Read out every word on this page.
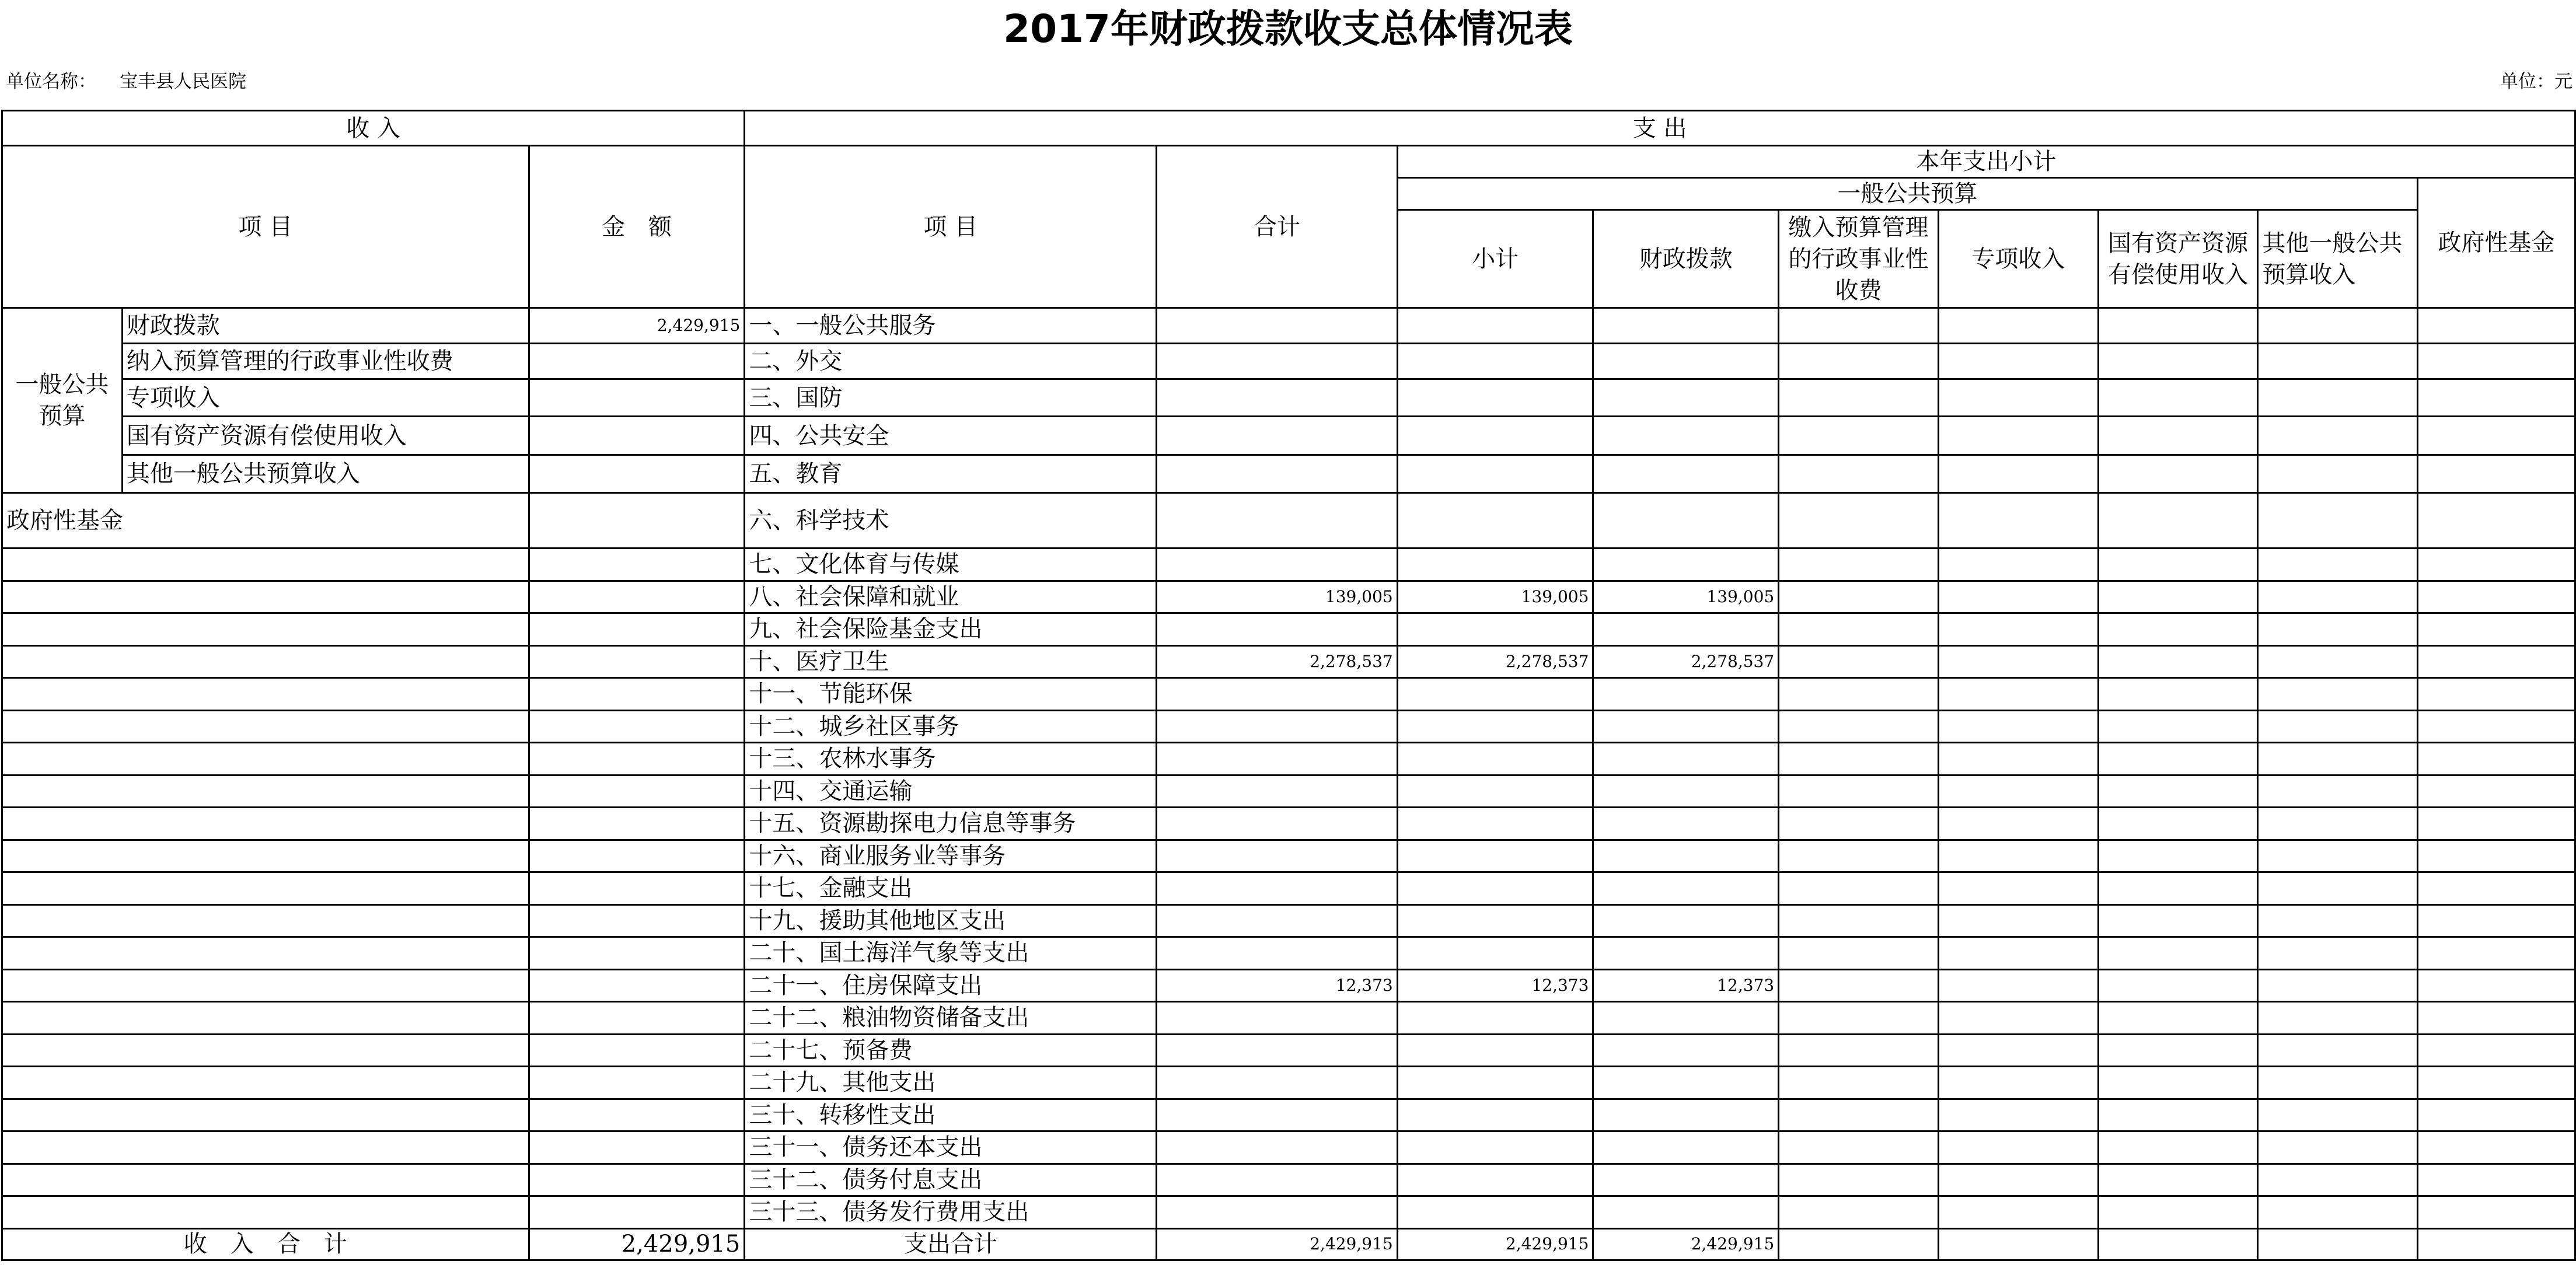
2017年财政拨款收支总体情况表
单位名称： 宝丰县人民医院	单位：元
收 入			支 出								
项 目		金　额	项 目	合计	本年支出小计						
					一般公共预算						政府性基金
					小计	财政拨款	缴入预算管理的行政事业性收费	专项收入	国有资产资源有偿使用收入	其他一般公共预算收入	
一般公共预算	财政拨款	2,429,915	一、一般公共服务								
	纳入预算管理的行政事业性收费		二、外交								
	专项收入		三、国防								
	国有资产资源有偿使用收入		四、公共安全								
	其他一般公共预算收入		五、教育								
政府性基金			六、科学技术								
			七、文化体育与传媒								
			八、社会保障和就业	139,005	139,005	139,005					
			九、社会保险基金支出								
			十、医疗卫生	2,278,537	2,278,537	2,278,537					
			十一、节能环保								
			十二、城乡社区事务								
			十三、农林水事务								
			十四、交通运输								
			十五、资源勘探电力信息等事务								
			十六、商业服务业等事务								
			十七、金融支出								
			十九、援助其他地区支出								
			二十、国土海洋气象等支出								
			二十一、住房保障支出	12,373	12,373	12,373					
			二十二、粮油物资储备支出								
			二十七、预备费								
			二十九、其他支出								
			三十、转移性支出								
			三十一、债务还本支出								
			三十二、债务付息支出								
			三十三、债务发行费用支出								
收　入　合　计		2,429,915	支出合计	2,429,915	2,429,915	2,429,915					
